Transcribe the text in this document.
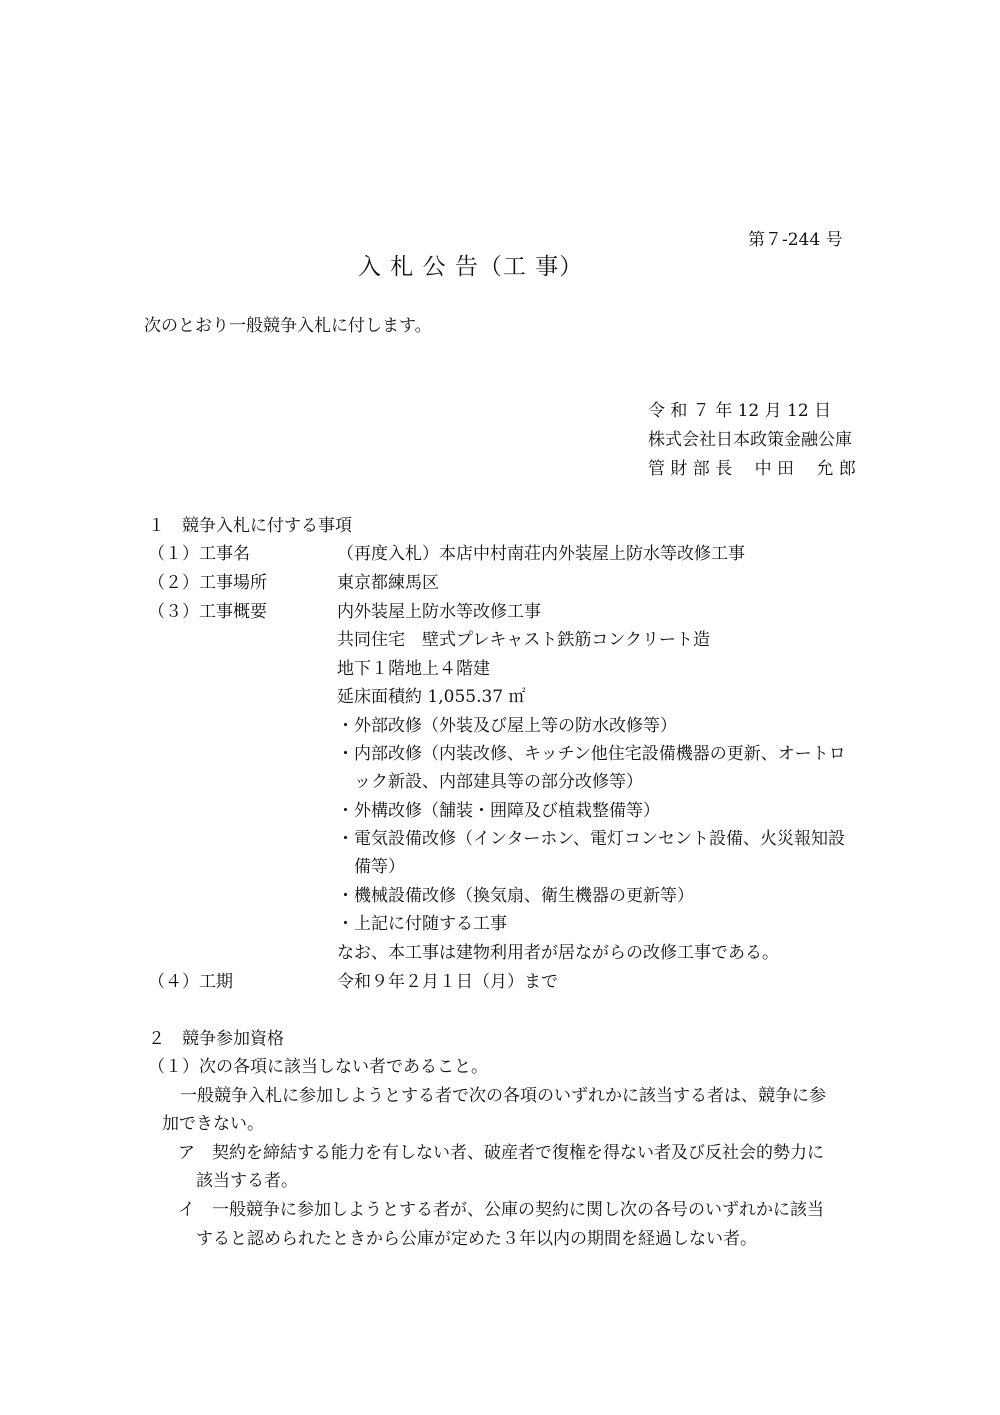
第７-244 号
入 札 公 告（工 事）
次のとおり一般競争入札に付します。
令 和 ７ 年 12 月 12 日
株式会社日本政策金融公庫
管 財 部 長　 中 田　 允 郎
１　競争入札に付する事項
（１）工事名	（再度入札）本店中村南荘内外装屋上防水等改修工事
（２）工事場所	東京都練馬区
（３）工事概要	内外装屋上防水等改修工事
共同住宅　壁式プレキャスト鉄筋コンクリート造
地下１階地上４階建
延床面積約 1,055.37 ㎡
・外部改修（外装及び屋上等の防水改修等）
・内部改修（内装改修、キッチン他住宅設備機器の更新、オートロ
　ック新設、内部建具等の部分改修等）
・外構改修（舗装・囲障及び植栽整備等）
・電気設備改修（インターホン、電灯コンセント設備、火災報知設
　備等）
・機械設備改修（換気扇、衛生機器の更新等）
・上記に付随する工事
なお、本工事は建物利用者が居ながらの改修工事である。
（４）工期	令和９年２月１日（月）まで
２　競争参加資格
（１）次の各項に該当しない者であること。
一般競争入札に参加しようとする者で次の各項のいずれかに該当する者は、競争に参
加できない。
ア　契約を締結する能力を有しない者、破産者で復権を得ない者及び反社会的勢力に
該当する者。
イ　一般競争に参加しようとする者が、公庫の契約に関し次の各号のいずれかに該当
すると認められたときから公庫が定めた３年以内の期間を経過しない者。
